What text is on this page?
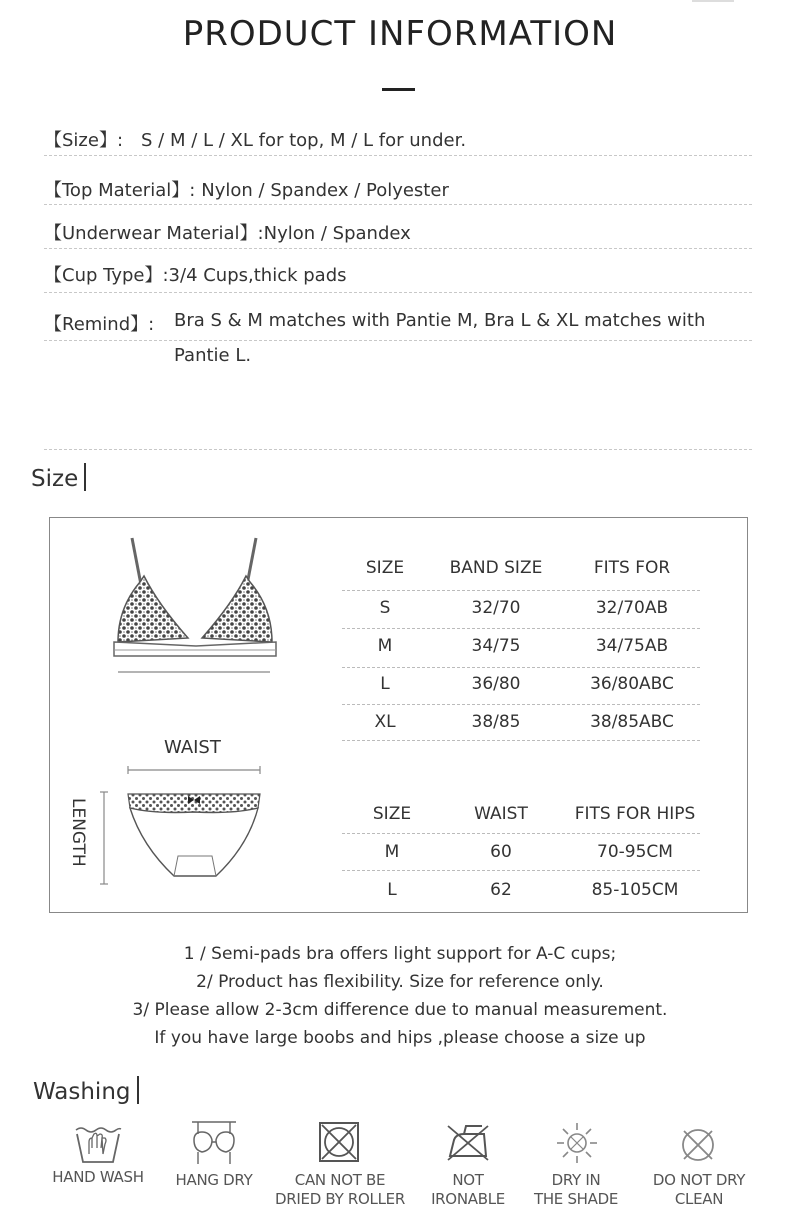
PRODUCT INFORMATION
【Size】: S / M / L / XL for top, M / L for under.
【Top Material】: Nylon / Spandex / Polyester
【Underwear Material】:Nylon / Spandex
【Cup Type】:3/4 Cups,thick pads
【Remind】: Bra S & M matches with Pantie M, Bra L & XL matches with
Pantie L.
Size
WAIST
LENGTH
SIZE	BAND SIZE	FITS FOR
S	32/70	32/70AB
M	34/75	34/75AB
L	36/80	36/80ABC
XL	38/85	38/85ABC
SIZE	WAIST	FITS FOR HIPS
M	60	70-95CM
L	62	85-105CM
1 / Semi-pads bra offers light support for A-C cups;
2/ Product has flexibility. Size for reference only.
3/ Please allow 2-3cm difference due to manual measurement.
If you have large boobs and hips ,please choose a size up
Washing
HAND WASH	HANG DRY	CAN NOT BE
DRIED BY ROLLER
NOT
IRONABLE
DRY IN
THE SHADE
DO NOT DRY
CLEAN
